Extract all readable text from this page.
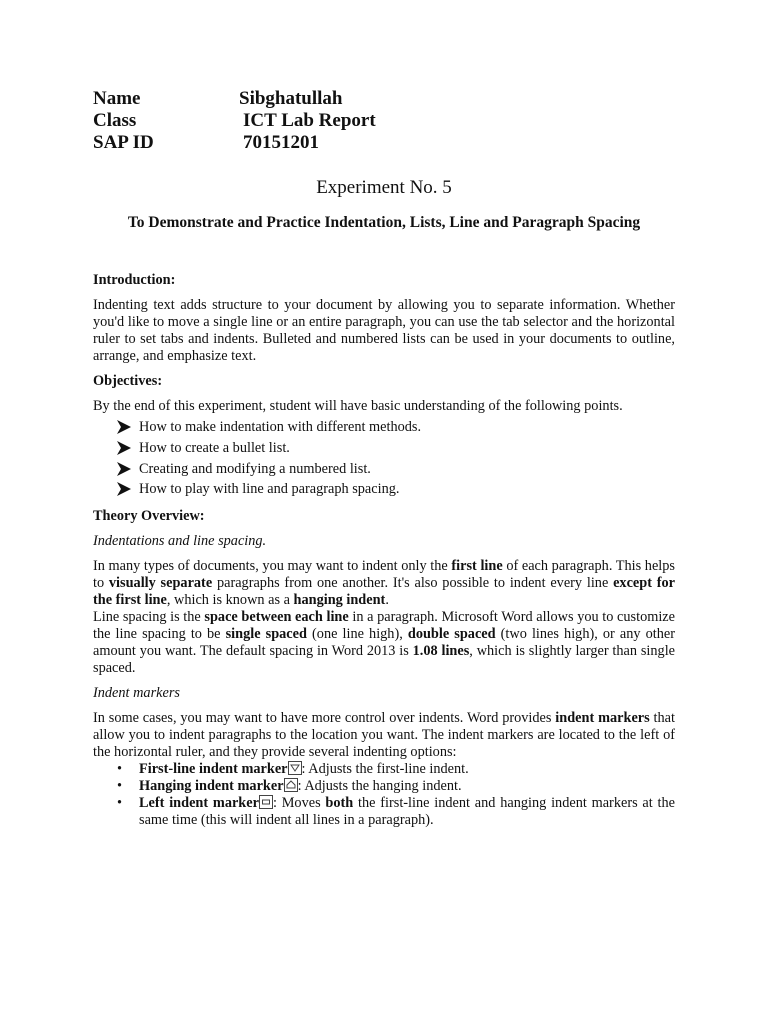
Name	Sibghatullah
Class	ICT Lab Report
SAP ID	70151201
Experiment No. 5
To Demonstrate and Practice Indentation, Lists, Line and Paragraph Spacing

Introduction:

Indenting text adds structure to your document by allowing you to separate information. Whether you'd like to move a single line or an entire paragraph, you can use the tab selector and the horizontal ruler to set tabs and indents. Bulleted and numbered lists can be used in your documents to outline, arrange, and emphasize text.

Objectives:

By the end of this experiment, student will have basic understanding of the following points.

How to make indentation with different methods.
How to create a bullet list.
Creating and modifying a numbered list.
How to play with line and paragraph spacing.

Theory Overview:

Indentations and line spacing.

In many types of documents, you may want to indent only the first line of each paragraph. This helps to visually separate paragraphs from one another. It's also possible to indent every line except for the first line, which is known as a hanging indent.

Line spacing is the space between each line in a paragraph. Microsoft Word allows you to customize the line spacing to be single spaced (one line high), double spaced (two lines high), or any other amount you want. The default spacing in Word 2013 is 1.08 lines, which is slightly larger than single spaced.

Indent markers

In some cases, you may want to have more control over indents. Word provides indent markers that allow you to indent paragraphs to the location you want. The indent markers are located to the left of the horizontal ruler, and they provide several indenting options:

• First-line indent marker : Adjusts the first-line indent.
• Hanging indent marker : Adjusts the hanging indent.
• Left indent marker : Moves both the first-line indent and hanging indent markers at the same time (this will indent all lines in a paragraph).
